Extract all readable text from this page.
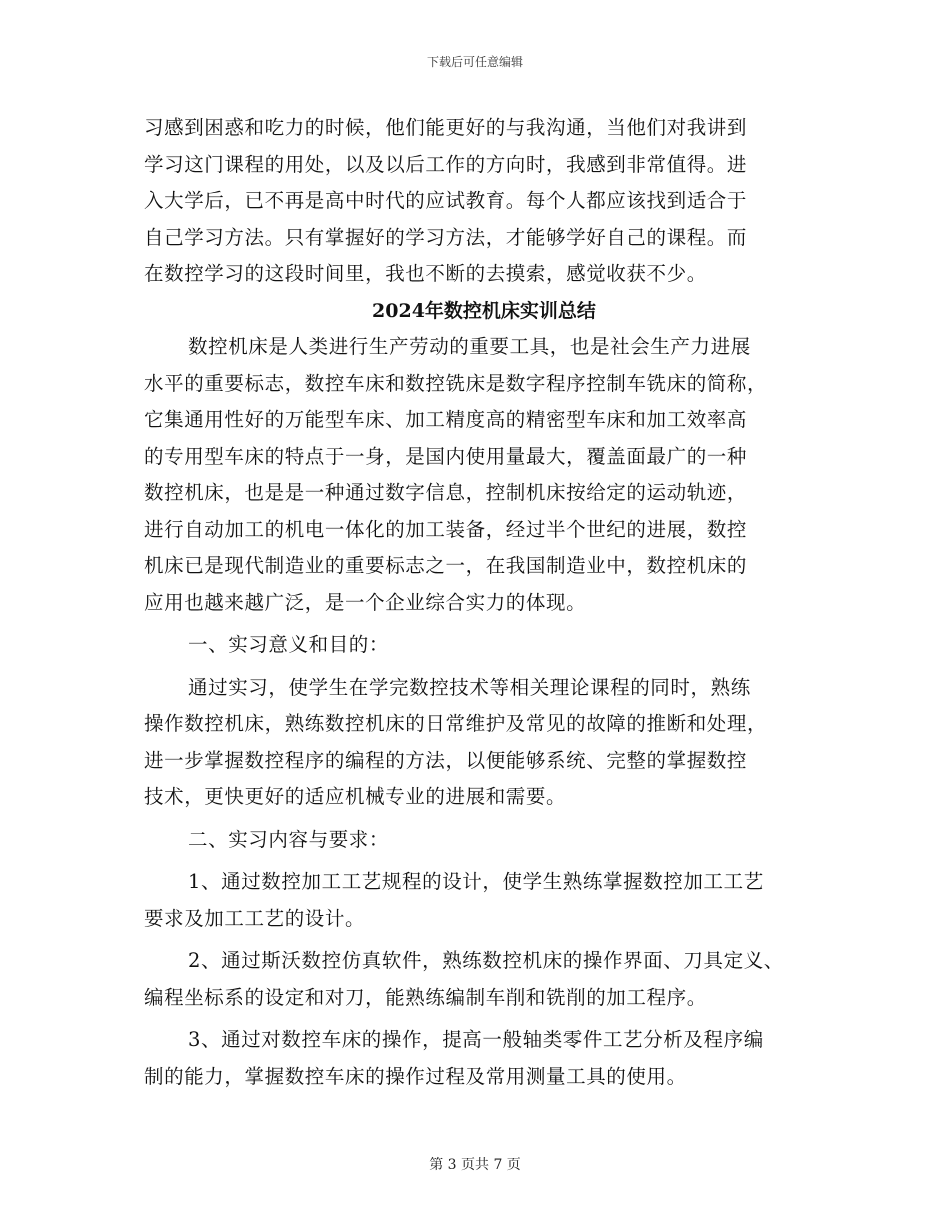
下载后可任意编辑
习感到困惑和吃力的时候，他们能更好的与我沟通，当他们对我讲到
学习这门课程的用处，以及以后工作的方向时，我感到非常值得。进
入大学后，已不再是高中时代的应试教育。每个人都应该找到适合于
自己学习方法。只有掌握好的学习方法，才能够学好自己的课程。而
在数控学习的这段时间里，我也不断的去摸索，感觉收获不少。
2024年数控机床实训总结
数控机床是人类进行生产劳动的重要工具，也是社会生产力进展
水平的重要标志，数控车床和数控铣床是数字程序控制车铣床的简称，
它集通用性好的万能型车床、加工精度高的精密型车床和加工效率高
的专用型车床的特点于一身，是国内使用量最大，覆盖面最广的一种
数控机床，也是是一种通过数字信息，控制机床按给定的运动轨迹，
进行自动加工的机电一体化的加工装备，经过半个世纪的进展，数控
机床已是现代制造业的重要标志之一，在我国制造业中，数控机床的
应用也越来越广泛，是一个企业综合实力的体现。
一、实习意义和目的：
通过实习，使学生在学完数控技术等相关理论课程的同时，熟练
操作数控机床，熟练数控机床的日常维护及常见的故障的推断和处理，
进一步掌握数控程序的编程的方法，以便能够系统、完整的掌握数控
技术，更快更好的适应机械专业的进展和需要。
二、实习内容与要求：
1、通过数控加工工艺规程的设计，使学生熟练掌握数控加工工艺
要求及加工工艺的设计。
2、通过斯沃数控仿真软件，熟练数控机床的操作界面、刀具定义、
编程坐标系的设定和对刀，能熟练编制车削和铣削的加工程序。
3、通过对数控车床的操作，提高一般轴类零件工艺分析及程序编
制的能力，掌握数控车床的操作过程及常用测量工具的使用。
第 3 页共 7 页
